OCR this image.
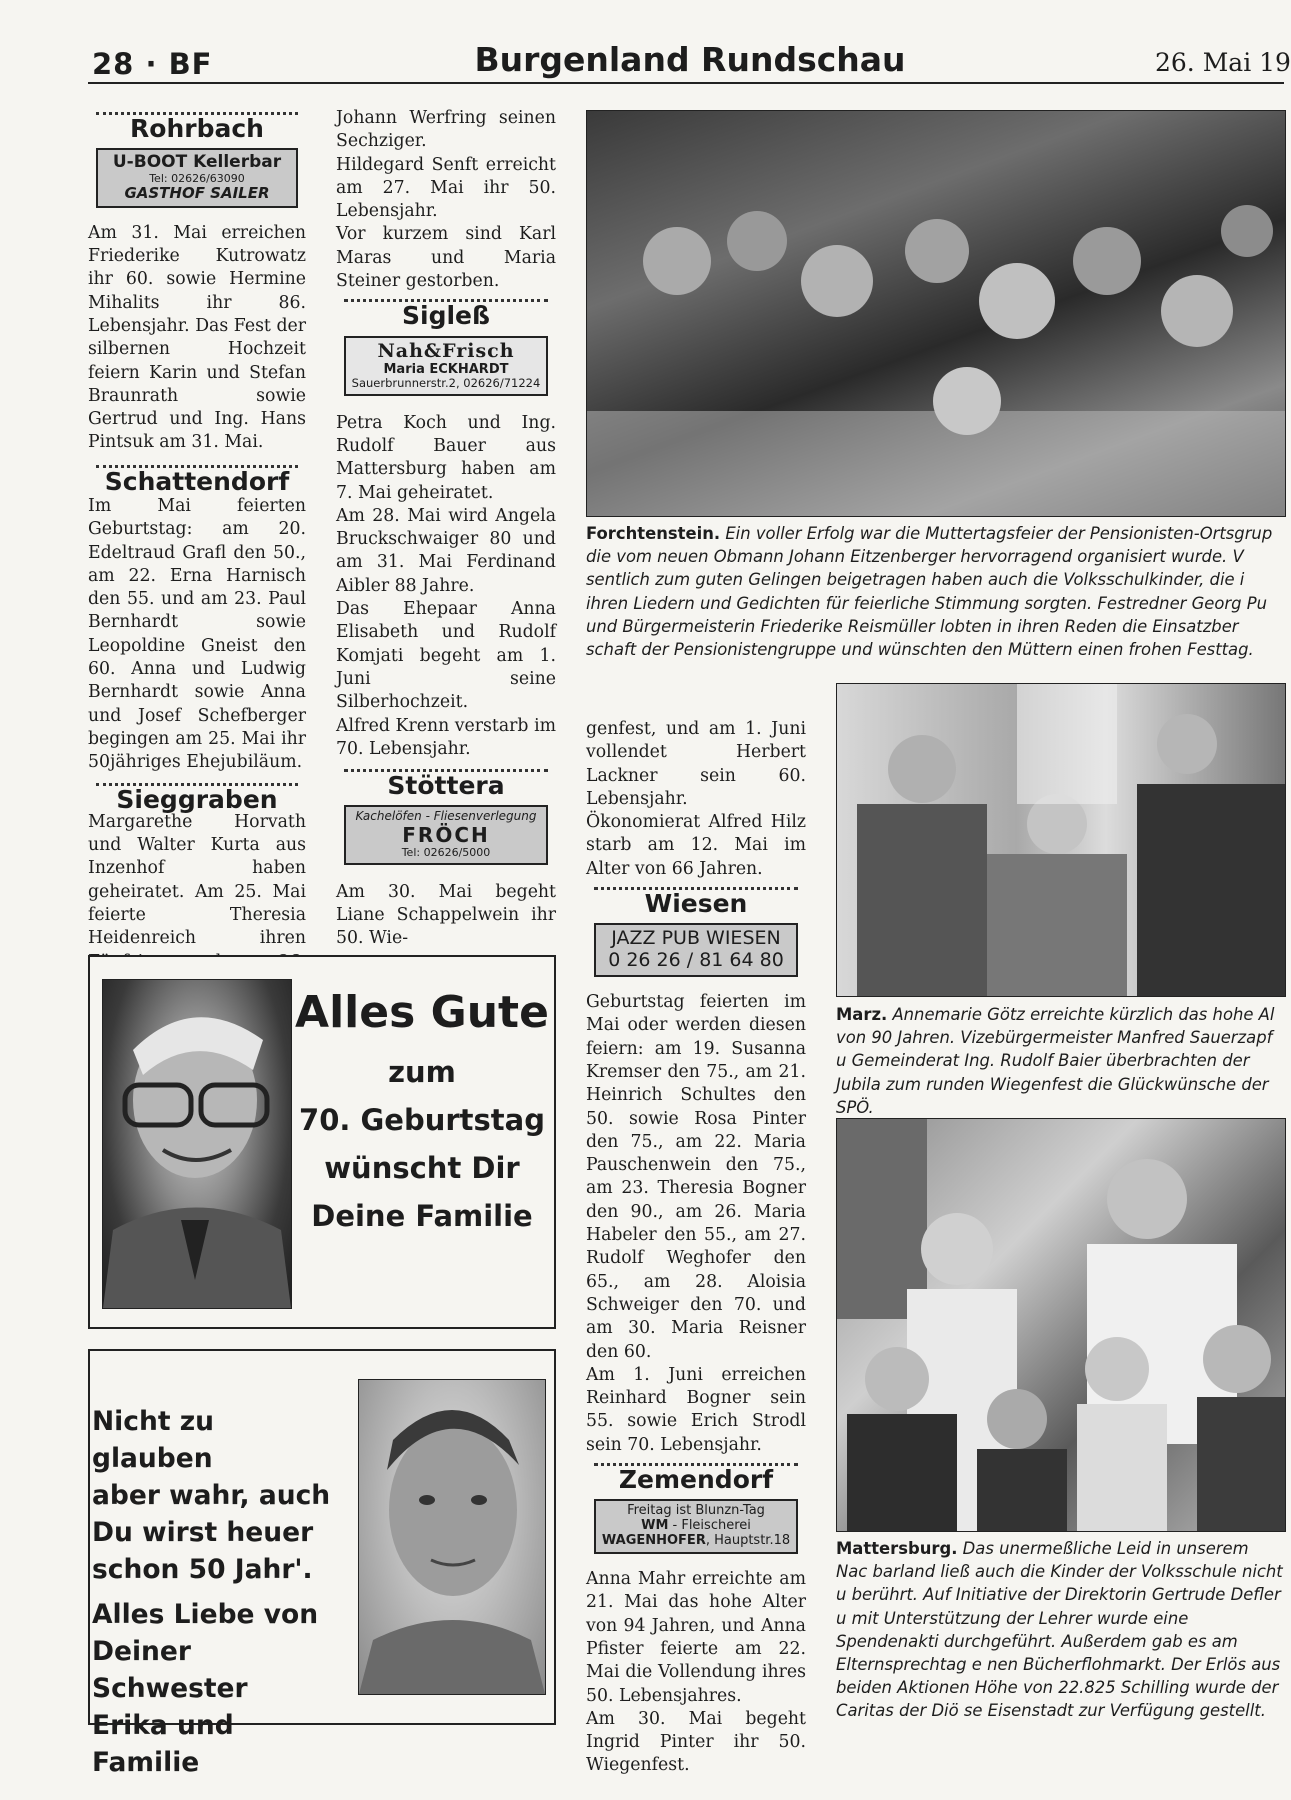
28 · BF	Burgenland Rundschau	26. Mai 19
Rohrbach
U-BOOT Kellerbar
Tel: 02626/63090
GASTHOF SAILER

Am 31. Mai erreichen Friederike Kutrowatz ihr 60. sowie Hermine Mihalits ihr 86. Lebensjahr. Das Fest der silbernen Hochzeit feiern Karin und Stefan Braunrath sowie Gertrud und Ing. Hans Pintsuk am 31. Mai.

Schattendorf

Im Mai feierten Geburtstag: am 20. Edeltraud Grafl den 50., am 22. Erna Harnisch den 55. und am 23. Paul Bernhardt sowie Leopoldine Gneist den 60. Anna und Ludwig Bernhardt sowie Anna und Josef Schefberger begingen am 25. Mai ihr 50jähriges Ehejubiläum.

Sieggraben

Margarethe Horvath und Walter Kurta aus Inzenhof haben geheiratet. Am 25. Mai feierte Theresia Heidenreich ihren

Johann Werfring seinen Sechziger.

Hildegard Senft erreicht am 27. Mai ihr 50. Lebensjahr.

Vor kurzem sind Karl Maras und Maria Steiner gestorben.

Sigleß
Nah&Frisch
Maria ECKHARDT
Sauerbrunnerstr.2, 02626/71224

Petra Koch und Ing. Rudolf Bauer aus Mattersburg haben am 7. Mai geheiratet.

Am 28. Mai wird Angela Bruckschwaiger 80 und am 31. Mai Ferdinand Aibler 88 Jahre.

Das Ehepaar Anna Elisabeth und Rudolf Komjati begeht am 1. Juni seine Silberhochzeit.

Alfred Krenn verstarb im 70. Lebensjahr.

Stöttera
Kachelöfen - Fliesenverlegung
FRÖCH
Tel: 02626/5000

Am 30. Mai begeht Liane Schappelwein ihr 50. Wie-

genfest, und am 1. Juni vollendet Herbert Lackner sein 60. Lebensjahr.

Ökonomierat Alfred Hilz starb am 12. Mai im Alter von 66 Jahren.

Wiesen
JAZZ PUB WIESEN
0 26 26 / 81 64 80

Geburtstag feierten im Mai oder werden diesen feiern: am 19. Susanna Kremser den 75., am 21. Heinrich Schultes den 50. sowie Rosa Pinter den 75., am 22. Maria Pauschenwein den 75., am 23. Theresia Bogner den 90., am 26. Maria Habeler den 55., am 27. Rudolf Weghofer den 65., am 28. Aloisia Schweiger den 70. und am 30. Maria Reisner den 60.

Am 1. Juni erreichen Reinhard Bogner sein 55. sowie Erich Strodl sein 70. Lebensjahr.

Zemendorf
Freitag ist Blunzn-Tag
WM - Fleischerei
WAGENHOFER, Hauptstr.18

Anna Mahr erreichte am 21. Mai das hohe Alter von 94 Jahren, und Anna Pfister feierte am 22. Mai die Vollendung ihres 50. Lebensjahres.

Am 30. Mai begeht Ingrid Pinter ihr 50. Wiegenfest.

Alles Gute
zum
70. Geburtstag
wünscht Dir
Deine Familie
Nicht zu glauben
aber wahr, auch
Du wirst heuer
schon 50 Jahr'.
Alles Liebe von
Deiner Schwester
Erika und Familie
Forchtenstein. Ein voller Erfolg war die Muttertagsfeier der Pensionisten-Ortsgrup die vom neuen Obmann Johann Eitzenberger hervorragend organisiert wurde. V sentlich zum guten Gelingen beigetragen haben auch die Volksschulkinder, die i ihren Liedern und Gedichten für feierliche Stimmung sorgten. Festredner Georg Pu und Bürgermeisterin Friederike Reismüller lobten in ihren Reden die Einsatzber schaft der Pensionistengruppe und wünschten den Müttern einen frohen Festtag.
Marz. Annemarie Götz erreichte kürzlich das hohe Al von 90 Jahren. Vizebürgermeister Manfred Sauerzapf u Gemeinderat Ing. Rudolf Baier überbrachten der Jubila zum runden Wiegenfest die Glückwünsche der SPÖ.
Mattersburg. Das unermeßliche Leid in unserem Nac barland ließ auch die Kinder der Volksschule nicht u berührt. Auf Initiative der Direktorin Gertrude Defler u mit Unterstützung der Lehrer wurde eine Spendenakti durchgeführt. Außerdem gab es am Elternsprechtag e nen Bücherflohmarkt. Der Erlös aus beiden Aktionen Höhe von 22.825 Schilling wurde der Caritas der Diö se Eisenstadt zur Verfügung gestellt.
